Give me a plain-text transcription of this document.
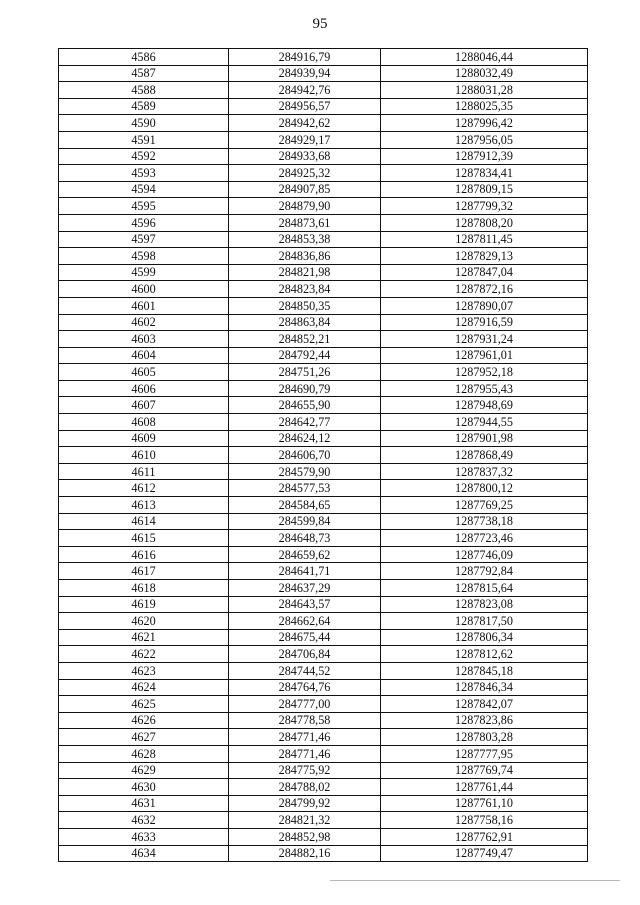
95
4586	284916,79	1288046,44
4587	284939,94	1288032,49
4588	284942,76	1288031,28
4589	284956,57	1288025,35
4590	284942,62	1287996,42
4591	284929,17	1287956,05
4592	284933,68	1287912,39
4593	284925,32	1287834,41
4594	284907,85	1287809,15
4595	284879,90	1287799,32
4596	284873,61	1287808,20
4597	284853,38	1287811,45
4598	284836,86	1287829,13
4599	284821,98	1287847,04
4600	284823,84	1287872,16
4601	284850,35	1287890,07
4602	284863,84	1287916,59
4603	284852,21	1287931,24
4604	284792,44	1287961,01
4605	284751,26	1287952,18
4606	284690,79	1287955,43
4607	284655,90	1287948,69
4608	284642,77	1287944,55
4609	284624,12	1287901,98
4610	284606,70	1287868,49
4611	284579,90	1287837,32
4612	284577,53	1287800,12
4613	284584,65	1287769,25
4614	284599,84	1287738,18
4615	284648,73	1287723,46
4616	284659,62	1287746,09
4617	284641,71	1287792,84
4618	284637,29	1287815,64
4619	284643,57	1287823,08
4620	284662,64	1287817,50
4621	284675,44	1287806,34
4622	284706,84	1287812,62
4623	284744,52	1287845,18
4624	284764,76	1287846,34
4625	284777,00	1287842,07
4626	284778,58	1287823,86
4627	284771,46	1287803,28
4628	284771,46	1287777,95
4629	284775,92	1287769,74
4630	284788,02	1287761,44
4631	284799,92	1287761,10
4632	284821,32	1287758,16
4633	284852,98	1287762,91
4634	284882,16	1287749,47
